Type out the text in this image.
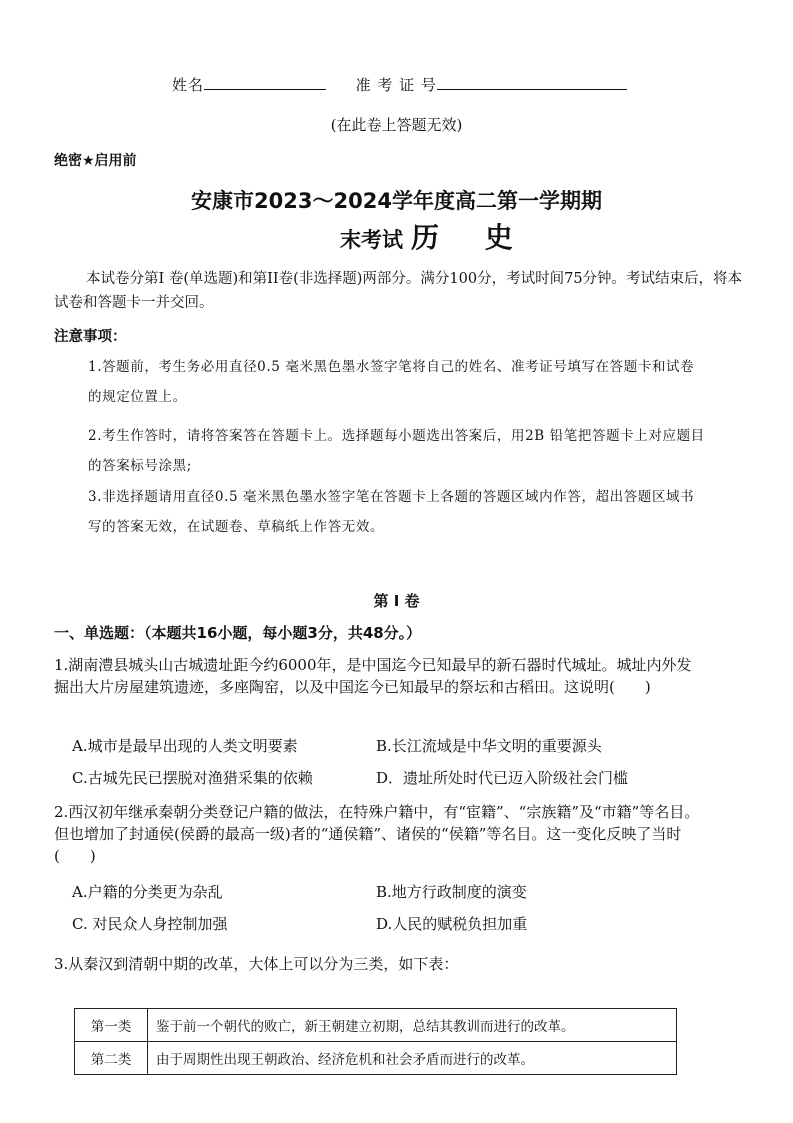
姓名	准 考 证 号
(在此卷上答题无效)
绝密★启用前
安康市2023～2024学年度高二第一学期期
末考试 历 史
本试卷分第I 卷(单选题)和第II卷(非选择题)两部分。满分100分，考试时间75分钟。考试结束后，将本试卷和答题卡一并交回。
注意事项：
1.答题前，考生务必用直径0.5 毫米黑色墨水签字笔将自己的姓名、准考证号填写在答题卡和试卷的规定位置上。
2.考生作答时，请将答案答在答题卡上。选择题每小题选出答案后，用2B 铅笔把答题卡上对应题目的答案标号涂黑;
3.非选择题请用直径0.5 毫米黑色墨水签字笔在答题卡上各题的答题区域内作答，超出答题区域书写的答案无效，在试题卷、草稿纸上作答无效。
第 Ⅰ 卷
一、单选题：（本题共16小题，每小题3分，共48分。）
1.湖南澧县城头山古城遗址距今约6000年，是中国迄今已知最早的新石器时代城址。城址内外发掘出大片房屋建筑遗迹，多座陶窑，以及中国迄今已知最早的祭坛和古稻田。这说明(　　)
A.城市是最早出现的人类文明要素	B.长江流域是中华文明的重要源头
C.古城先民已摆脱对渔猎采集的依赖	D．遗址所处时代已迈入阶级社会门槛
2.西汉初年继承秦朝分类登记户籍的做法，在特殊户籍中，有“宦籍”、“宗族籍”及“市籍”等名目。但也增加了封通侯(侯爵的最高一级)者的“通侯籍”、诸侯的“侯籍”等名目。这一变化反映了当时(　　)
A.户籍的分类更为杂乱	B.地方行政制度的演变
C. 对民众人身控制加强	D.人民的赋税负担加重
3.从秦汉到清朝中期的改革，大体上可以分为三类，如下表：
第一类	鉴于前一个朝代的败亡，新王朝建立初期，总结其教训而进行的改革。
第二类	由于周期性出现王朝政治、经济危机和社会矛盾而进行的改革。
